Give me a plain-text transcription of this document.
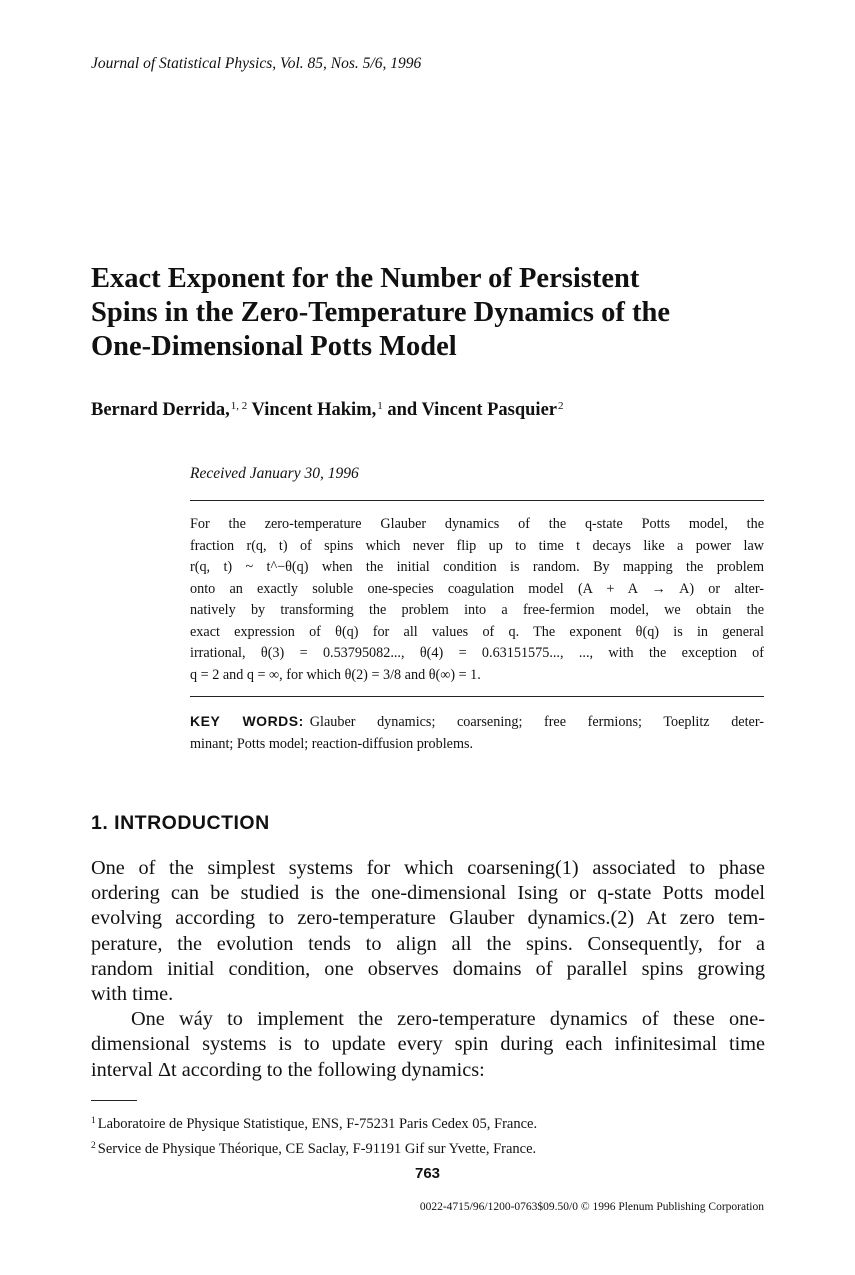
Journal of Statistical Physics, Vol. 85, Nos. 5/6, 1996
Exact Exponent for the Number of Persistent
Spins in the Zero-Temperature Dynamics of the
One-Dimensional Potts Model
Bernard Derrida,$^{1, 2}$ Vincent Hakim,$^1$ and Vincent Pasquier$^2$
Received January 30, 1996
For the zero-temperature Glauber dynamics of the q-state Potts model, the
fraction r(q, t) of spins which never flip up to time t decays like a power law
r(q, t) ~ t^−θ(q) when the initial condition is random. By mapping the problem
onto an exactly soluble one-species coagulation model (A + A → A) or alter-
natively by transforming the problem into a free-fermion model, we obtain the
exact expression of θ(q) for all values of q. The exponent θ(q) is in general
irrational, θ(3) = 0.53795082..., θ(4) = 0.63151575..., ..., with the exception of
q = 2 and q = ∞, for which θ(2) = 3/8 and θ(∞) = 1.
KEY WORDS: Glauber dynamics; coarsening; free fermions; Toeplitz deter-
minant; Potts model; reaction-diffusion problems.
1. INTRODUCTION
One of the simplest systems for which coarsening(1) associated to phase
ordering can be studied is the one-dimensional Ising or q-state Potts model
evolving according to zero-temperature Glauber dynamics.(2) At zero tem-
perature, the evolution tends to align all the spins. Consequently, for a
random initial condition, one observes domains of parallel spins growing
with time.
One wáy to implement the zero-temperature dynamics of these one-
dimensional systems is to update every spin during each infinitesimal time
interval Δt according to the following dynamics:
$^1$ Laboratoire de Physique Statistique, ENS, F-75231 Paris Cedex 05, France.
$^2$ Service de Physique Théorique, CE Saclay, F-91191 Gif sur Yvette, France.
763
0022-4715/96/1200-0763$09.50/0 © 1996 Plenum Publishing Corporation
